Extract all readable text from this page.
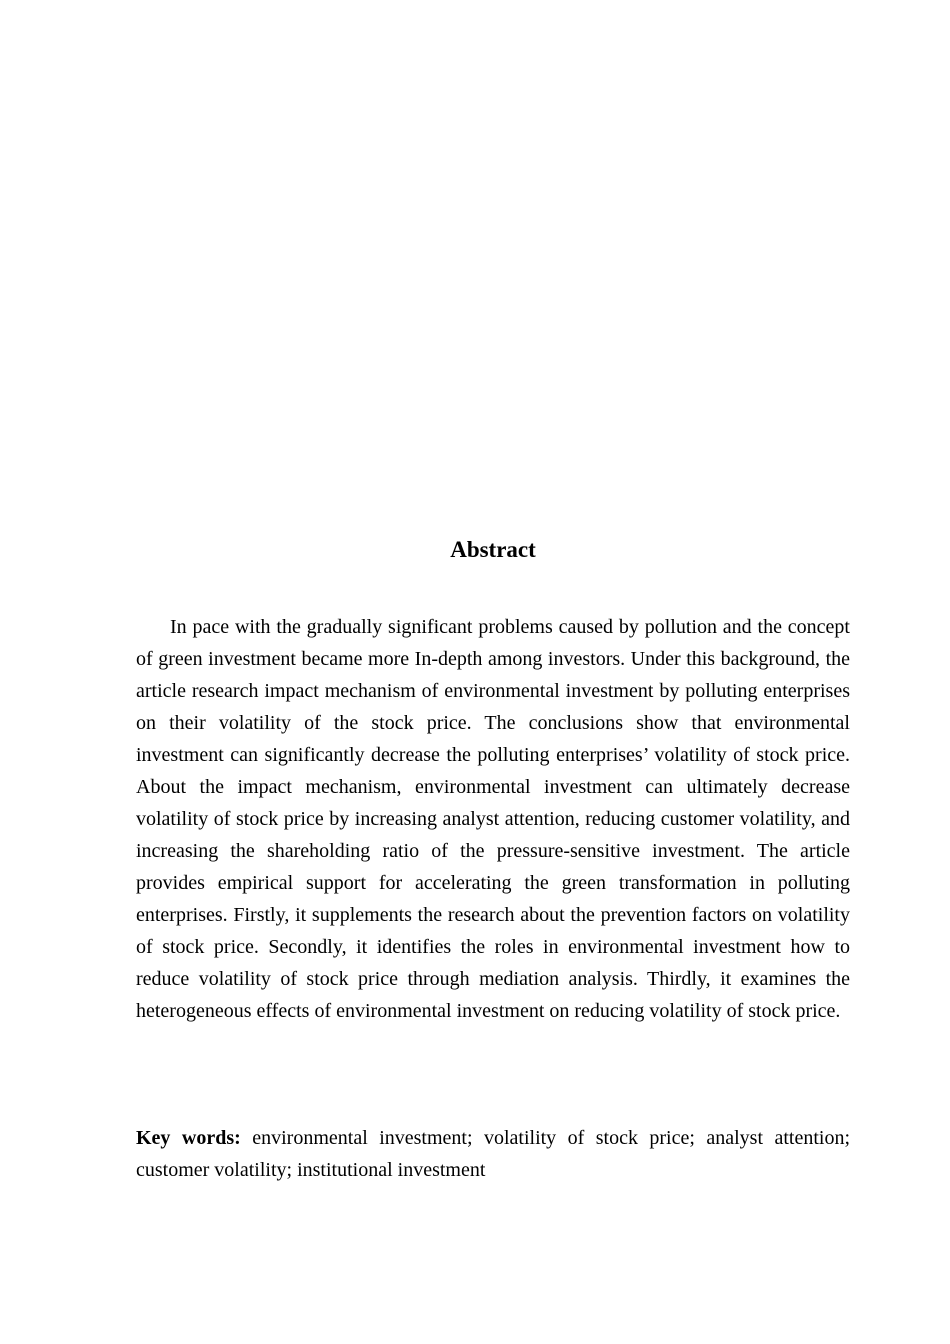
Abstract

In pace with the gradually significant problems caused by pollution and the concept of green investment became more In-depth among investors. Under this background, the article research impact mechanism of environmental investment by polluting enterprises on their volatility of the stock price. The conclusions show that environmental investment can significantly decrease the polluting enterprises’ volatility of stock price. About the impact mechanism, environmental investment can ultimately decrease volatility of stock price by increasing analyst attention, reducing customer volatility, and increasing the shareholding ratio of the pressure-sensitive investment. The article provides empirical support for accelerating the green transformation in polluting enterprises. Firstly, it supplements the research about the prevention factors on volatility of stock price. Secondly, it identifies the roles in environmental investment how to reduce volatility of stock price through mediation analysis. Thirdly, it examines the heterogeneous effects of environmental investment on reducing volatility of stock price.

Key words: environmental investment; volatility of stock price; analyst attention; customer volatility; institutional investment
